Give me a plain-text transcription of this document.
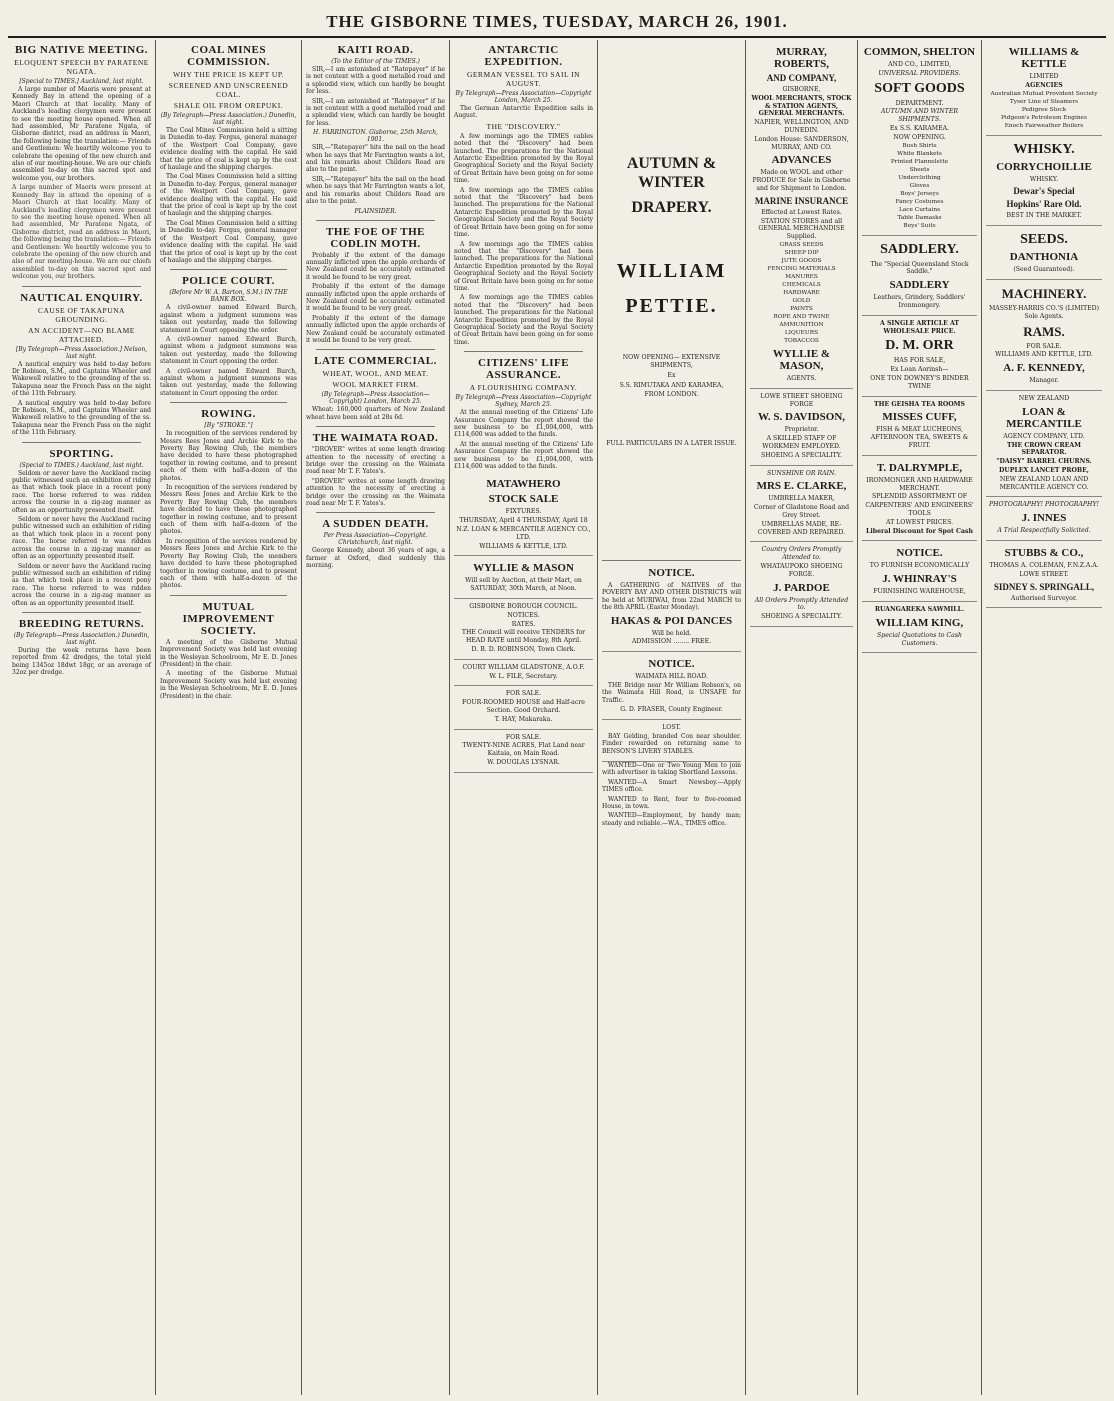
THE GISBORNE TIMES, TUESDAY, MARCH 26, 1901.
BIG NATIVE MEETING.
ELOQUENT SPEECH BY PARATENE NGATA.
[Special to TIMES.] Auckland, last night.

A large number of Maoris were present at Kennedy Bay in attend the opening of a Maori Church at that locality. Many of Auckland's leading clergymen were present to see the meeting house opened. When all had assembled, Mr Paratene Ngata, of Gisborne district, read an address in Maori, the following being the translation:— Friends and Gentlemen: We heartily welcome you to celebrate the opening of the new church and also of our meeting-house. We are our chiefs assembled to-day on this sacred spot and welcome you, our brothers.

A large number of Maoris were present at Kennedy Bay in attend the opening of a Maori Church at that locality. Many of Auckland's leading clergymen were present to see the meeting house opened. When all had assembled, Mr Paratene Ngata, of Gisborne district, read an address in Maori, the following being the translation:— Friends and Gentlemen: We heartily welcome you to celebrate the opening of the new church and also of our meeting-house. We are our chiefs assembled to-day on this sacred spot and welcome you, our brothers.
NAUTICAL ENQUIRY.
CAUSE OF TAKAPUNA GROUNDING.
AN ACCIDENT—NO BLAME ATTACHED.
[By Telegraph—Press Association.] Nelson, last night.

A nautical enquiry was held to-day before Dr Robison, S.M., and Captains Wheeler and Wakewell relative to the grounding of the ss. Takapuna near the French Pass on the night of the 11th February.

A nautical enquiry was held to-day before Dr Robison, S.M., and Captains Wheeler and Wakewell relative to the grounding of the ss. Takapuna near the French Pass on the night of the 11th February.

SPORTING.
(Special to TIMES.) Auckland, last night.

Seldom or never have the Auckland racing public witnessed such an exhibition of riding as that which took place in a recent pony race. The horse referred to was ridden across the course in a zig-zag manner as often as an opportunity presented itself.

Seldom or never have the Auckland racing public witnessed such an exhibition of riding as that which took place in a recent pony race. The horse referred to was ridden across the course in a zig-zag manner as often as an opportunity presented itself.

Seldom or never have the Auckland racing public witnessed such an exhibition of riding as that which took place in a recent pony race. The horse referred to was ridden across the course in a zig-zag manner as often as an opportunity presented itself.

BREEDING RETURNS.
(By Telegraph—Press Association.) Dunedin, last night.

During the week returns have been reported from 42 dredges, the total yield being 1345oz 18dwt 18gr, or an average of 32oz per dredge.

COAL MINES COMMISSION.
WHY THE PRICE IS KEPT UP.
SCREENED AND UNSCREENED COAL.
SHALE OIL FROM OREPUKI.
(By Telegraph—Press Association.) Dunedin, last night.

The Coal Mines Commission held a sitting in Dunedin to-day. Fergus, general manager of the Westport Coal Company, gave evidence dealing with the capital. He said that the price of coal is kept up by the cost of haulage and the shipping charges.

The Coal Mines Commission held a sitting in Dunedin to-day. Fergus, general manager of the Westport Coal Company, gave evidence dealing with the capital. He said that the price of coal is kept up by the cost of haulage and the shipping charges.

The Coal Mines Commission held a sitting in Dunedin to-day. Fergus, general manager of the Westport Coal Company, gave evidence dealing with the capital. He said that the price of coal is kept up by the cost of haulage and the shipping charges.

POLICE COURT.
(Before Mr W. A. Barton, S.M.) IN THE BANK BOX.

A civil-owner named Edward Burch, against whom a judgment summons was taken out yesterday, made the following statement in Court opposing the order.

A civil-owner named Edward Burch, against whom a judgment summons was taken out yesterday, made the following statement in Court opposing the order.

A civil-owner named Edward Burch, against whom a judgment summons was taken out yesterday, made the following statement in Court opposing the order.

ROWING.
[By "STROKE."]

In recognition of the services rendered by Messrs Rees Jones and Archie Kirk to the Poverty Bay Rowing Club, the members have decided to have these photographed together in rowing costume, and to present each of them with half-a-dozen of the photos.

In recognition of the services rendered by Messrs Rees Jones and Archie Kirk to the Poverty Bay Rowing Club, the members have decided to have these photographed together in rowing costume, and to present each of them with half-a-dozen of the photos.

In recognition of the services rendered by Messrs Rees Jones and Archie Kirk to the Poverty Bay Rowing Club, the members have decided to have these photographed together in rowing costume, and to present each of them with half-a-dozen of the photos.

MUTUAL IMPROVEMENT SOCIETY.

A meeting of the Gisborne Mutual Improvement Society was held last evening in the Wesleyan Schoolroom, Mr E. D. Jones (President) in the chair.

A meeting of the Gisborne Mutual Improvement Society was held last evening in the Wesleyan Schoolroom, Mr E. D. Jones (President) in the chair.

KAITI ROAD.
(To the Editor of the TIMES.)

SIR,—I am astonished at "Ratepayer" if he is not content with a good metalled road and a splendid view, which can hardly be bought for less.

SIR,—I am astonished at "Ratepayer" if he is not content with a good metalled road and a splendid view, which can hardly be bought for less.

H. FARRINGTON. Gisborne, 25th March, 1901.

SIR,—"Ratepayer" hits the nail on the head when he says that Mr Farrington wants a lot, and his remarks about Childers Road are also to the point.

SIR,—"Ratepayer" hits the nail on the head when he says that Mr Farrington wants a lot, and his remarks about Childers Road are also to the point.

PLAINSIDER.
THE FOE OF THE CODLIN MOTH.

Probably if the extent of the damage annually inflicted upon the apple orchards of New Zealand could be accurately estimated it would be found to be very great.

Probably if the extent of the damage annually inflicted upon the apple orchards of New Zealand could be accurately estimated it would be found to be very great.

Probably if the extent of the damage annually inflicted upon the apple orchards of New Zealand could be accurately estimated it would be found to be very great.

LATE COMMERCIAL.
WHEAT, WOOL, AND MEAT.
WOOL MARKET FIRM.
(By Telegraph—Press Association—Copyright) London, March 25.

Wheat: 160,000 quarters of New Zealand wheat have been sold at 28s 6d.

THE WAIMATA ROAD.

"DROVER" writes at some length drawing attention to the necessity of erecting a bridge over the crossing on the Waimata road near Mr T. F. Yates's.

"DROVER" writes at some length drawing attention to the necessity of erecting a bridge over the crossing on the Waimata road near Mr T. F. Yates's.

A SUDDEN DEATH.
Per Press Association—Copyright. Christchurch, last night.

George Kennedy, about 36 years of age, a farmer at Oxford, died suddenly this morning.

ANTARCTIC EXPEDITION.
GERMAN VESSEL TO SAIL IN AUGUST.
By Telegraph—Press Association—Copyright London, March 25.

The German Antarctic Expedition sails in August.

THE "DISCOVERY."

A few mornings ago the TIMES cables noted that the "Discovery" had been launched. The preparations for the National Antarctic Expedition promoted by the Royal Geographical Society and the Royal Society of Great Britain have been going on for some time.

A few mornings ago the TIMES cables noted that the "Discovery" had been launched. The preparations for the National Antarctic Expedition promoted by the Royal Geographical Society and the Royal Society of Great Britain have been going on for some time.

A few mornings ago the TIMES cables noted that the "Discovery" had been launched. The preparations for the National Antarctic Expedition promoted by the Royal Geographical Society and the Royal Society of Great Britain have been going on for some time.

A few mornings ago the TIMES cables noted that the "Discovery" had been launched. The preparations for the National Antarctic Expedition promoted by the Royal Geographical Society and the Royal Society of Great Britain have been going on for some time.

CITIZENS' LIFE ASSURANCE.
A FLOURISHING COMPANY.
By Telegraph—Press Association—Copyright Sydney, March 25.

At the annual meeting of the Citizens' Life Assurance Company the report showed the new business to be £1,004,000, with £114,600 was added to the funds.

At the annual meeting of the Citizens' Life Assurance Company the report showed the new business to be £1,004,000, with £114,600 was added to the funds.

MATAWHERO
STOCK SALE
FIXTURES.
THURSDAY, April 4 THURSDAY, April 18
N.Z. LOAN & MERCANTILE AGENCY CO., LTD.
WILLIAMS & KETTLE, LTD.
WYLLIE & MASON
Will sell by Auction, at their Mart, on SATURDAY, 30th March, at Noon.
GISBORNE BOROUGH COUNCIL.
NOTICES.
RATES.
THE Council will receive TENDERS for HEAD RATE until Monday, 8th April.
D. B. D. ROBINSON, Town Clerk.
COURT WILLIAM GLADSTONE, A.O.F.
W. L. FILE, Secretary.
FOR SALE.
FOUR-ROOMED HOUSE and Half-acre Section. Good Orchard.
T. HAY, Makaraka.
FOR SALE.
TWENTY-NINE ACRES, Flat Land near Kaitaia, on Main Road.
W. DOUGLAS LYSNAR.
AUTUMN & WINTER
DRAPERY.
WILLIAM
PETTIE.
NOW OPENING— EXTENSIVE SHIPMENTS,
Ex
S.S. RIMUTAKA AND KARAMEA,
FROM LONDON.
FULL PARTICULARS IN A LATER ISSUE.
NOTICE.

A GATHERING of NATIVES of the POVERTY BAY AND OTHER DISTRICTS will be held at MURIWAI, from 22nd MARCH to the 8th APRIL (Easter Monday).

HAKAS & POI DANCES
Will be held.
ADMISSION ........ FREE.
NOTICE.
WAIMATA HILL ROAD.

THE Bridge near Mr William Robson's, on the Waimata Hill Road, is UNSAFE for Traffic.

G. D. FRASER, County Engineer.
LOST.

BAY Gelding, branded Con near shoulder. Finder rewarded on returning same to BENSON'S LIVERY STABLES.

WANTED—One or Two Young Men to join with advertiser in taking Shortland Lessons.

WANTED—A Smart Newsboy.—Apply TIMES office.

WANTED to Rent, four to five-roomed House, in town.

WANTED—Employment, by handy man; steady and reliable.—W.A., TIMES office.

MURRAY, ROBERTS,
AND COMPANY,
GISBORNE,
WOOL MERCHANTS, STOCK & STATION AGENTS, GENERAL MERCHANTS.
NAPIER, WELLINGTON, AND DUNEDIN.
London House: SANDERSON, MURRAY, AND CO.
ADVANCES
Made on WOOL and other PRODUCE for Sale in Gisborne and for Shipment to London.
MARINE INSURANCE
Effected at Lowest Rates.
STATION STORES and all GENERAL MERCHANDISE Supplied.
GRASS SEEDS
SHEEP DIP
JUTE GOODS
FENCING MATERIALS
MANURES
CHEMICALS
HARDWARE
GOLD
PAINTS
ROPE AND TWINE
AMMUNITION
LIQUEURS
TOBACCOS
WYLLIE & MASON,
AGENTS.
LOWE STREET SHOEING FORGE
W. S. DAVIDSON,
Proprietor.
A SKILLED STAFF OF WORKMEN EMPLOYED.
SHOEING A SPECIALITY.
SUNSHINE OR RAIN.
MRS E. CLARKE,
UMBRELLA MAKER,
Corner of Gladstone Road and Grey Street.
UMBRELLAS MADE, RE-COVERED AND REPAIRED.
Country Orders Promptly Attended to.
WHATAUPOKO SHOEING FORGE.
J. PARDOE
All Orders Promptly Attended to.
SHOEING A SPECIALITY.
COMMON, SHELTON
AND CO., LIMITED,
UNIVERSAL PROVIDERS.
SOFT GOODS
DEPARTMENT.
AUTUMN AND WINTER SHIPMENTS.
Ex S.S. KARAMEA.
NOW OPENING.
Bush Shirts
White Blankets
Printed Flannelette
Sheets
Underclothing
Gloves
Boys' Jerseys
Fancy Costumes
Lace Curtains
Table Damasks
Boys' Suits
SADDLERY.
The "Special Queensland Stock Saddle."
SADDLERY
Leathers, Grindery, Saddlers' Ironmongery.
A SINGLE ARTICLE AT WHOLESALE PRICE.
D. M. ORR
HAS FOR SALE,
Ex Loan Aorinsh—
ONE TON DOWNEY'S BINDER TWINE
THE GEISHA TEA ROOMS
MISSES CUFF,
FISH & MEAT LUCHEONS, AFTERNOON TEA, SWEETS & FRUIT.
T. DALRYMPLE,
IRONMONGER AND HARDWARE MERCHANT.
SPLENDID ASSORTMENT OF
CARPENTERS' AND ENGINEERS' TOOLS
AT LOWEST PRICES.
Liberal Discount for Spot Cash
NOTICE.
TO FURNISH ECONOMICALLY
J. WHINRAY'S
FURNISHING WAREHOUSE,
RUANGAREKA SAWMILL.
WILLIAM KING,
Special Quotations to Cash Customers.
WILLIAMS & KETTLE
LIMITED
AGENCIES
Australian Mutual Provident Society
Tyser Line of Steamers
Pedigree Stock
Pidgeon's Petroleum Engines
Enoch Fairweather Boilers
WHISKY.
CORRYCHOILLIE
WHISKY.
Dewar's Special
Hopkins' Rare Old.
BEST IN THE MARKET.
SEEDS.
DANTHONIA
(Seed Guaranteed).
MACHINERY.
MASSEY-HARRIS CO.'S (LIMITED) Sole Agents.
RAMS.
FOR SALE.
WILLIAMS AND KETTLE, LTD.
A. F. KENNEDY,
Manager.
NEW ZEALAND
LOAN & MERCANTILE
AGENCY COMPANY, LTD.
THE CROWN CREAM SEPARATOR.
"DAISY" BARREL CHURNS.
DUPLEX LANCET PROBE,
NEW ZEALAND LOAN AND MERCANTILE AGENCY CO.
PHOTOGRAPHY! PHOTOGRAPHY!
J. INNES
A Trial Respectfully Solicited.
STUBBS & CO.,
THOMAS A. COLEMAN, F.N.Z.A.A.
LOWE STREET.
SIDNEY S. SPRINGALL,
Authorised Surveyor.
